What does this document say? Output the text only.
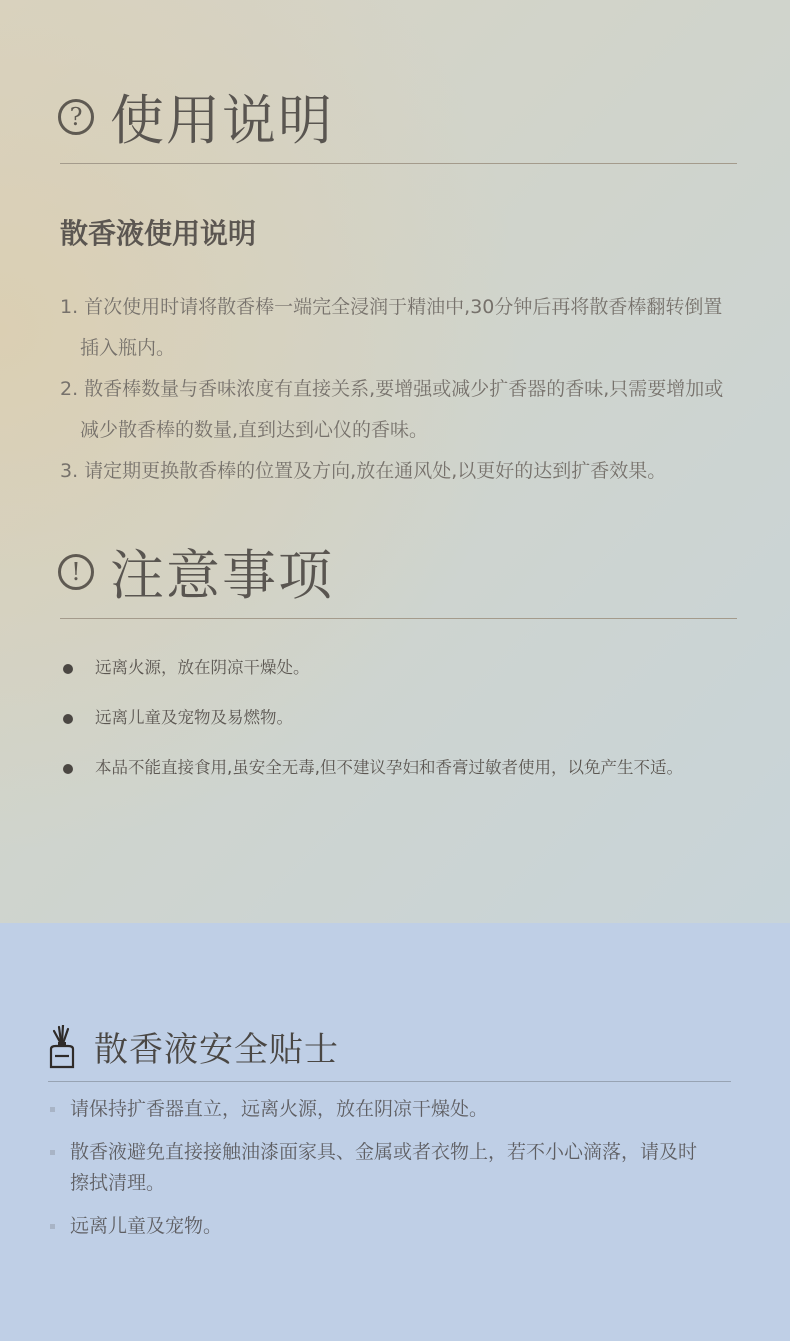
? 使用说明
散香液使用说明
1. 首次使用时请将散香棒一端完全浸润于精油中,30分钟后再将散香棒翻转倒置插入瓶内。
2. 散香棒数量与香味浓度有直接关系,要增强或减少扩香器的香味,只需要增加或减少散香棒的数量,直到达到心仪的香味。
3. 请定期更换散香棒的位置及方向,放在通风处,以更好的达到扩香效果。
! 注意事项
远离火源，放在阴凉干燥处。
远离儿童及宠物及易燃物。
本品不能直接食用,虽安全无毒,但不建议孕妇和香膏过敏者使用，以免产生不适。
散香液安全贴士
请保持扩香器直立，远离火源，放在阴凉干燥处。
散香液避免直接接触油漆面家具、金属或者衣物上，若不小心滴落，请及时擦拭清理。
远离儿童及宠物。
